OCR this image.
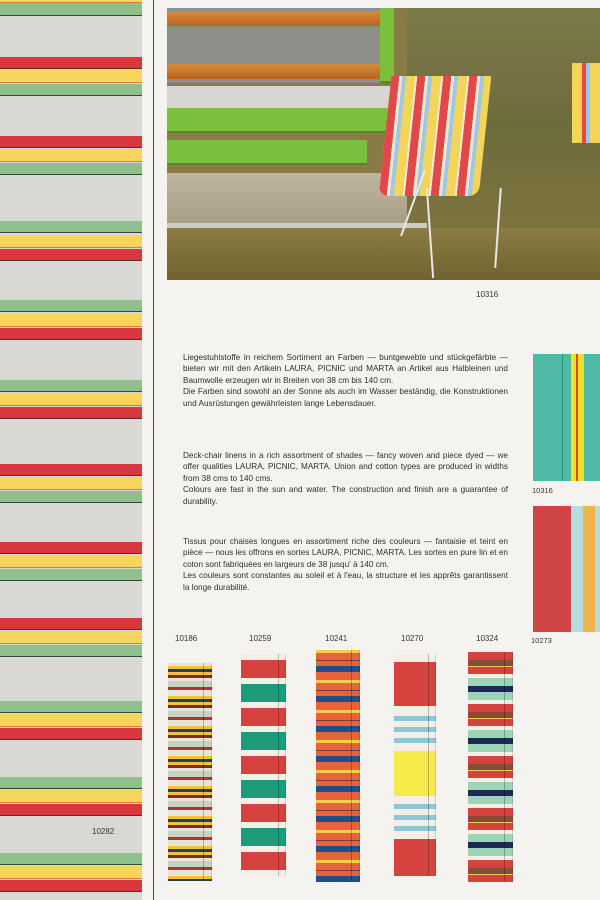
10282
10316

Liegestuhlstoffe in reichem Sortiment an Farben — buntgewebte und stückgefärbte — bieten wir mit den Artikeln LAURA, PICNIC und MARTA an Artikel aus Halbleinen und Baumwolle erzeugen wir in Breiten von 38 cm bis 140 cm.

Die Farben sind sowohl an der Sonne als auch im Wasser beständig, die Konstruktionen und Ausrüstungen gewährleisten lange Lebensdauer.

Deck-chair linens in a rich assortment of shades — fancy woven and piece dyed — we offer qualities LAURA, PICNIC, MARTA. Union and cotton types are produced in widths from 38 cms to 140 cms.

Colours are fast in the sun and water. The construction and finish are a guarantee of durability.

Tissus pour chaises longues en assortiment riche des couleurs — fantaisie et teint en pièce — nous les offrons en sortes LAURA, PICNIC, MARTA. Les sortes en pure lin et en coton sont fabriquées en largeurs de 38 jusqu' à 140 cm.

Les couleurs sont constantes au soleil et à l'eau, la structure et les apprêts garantissent la longe durabilité.

10316
10273
10186	10259	10241	10270	10324
